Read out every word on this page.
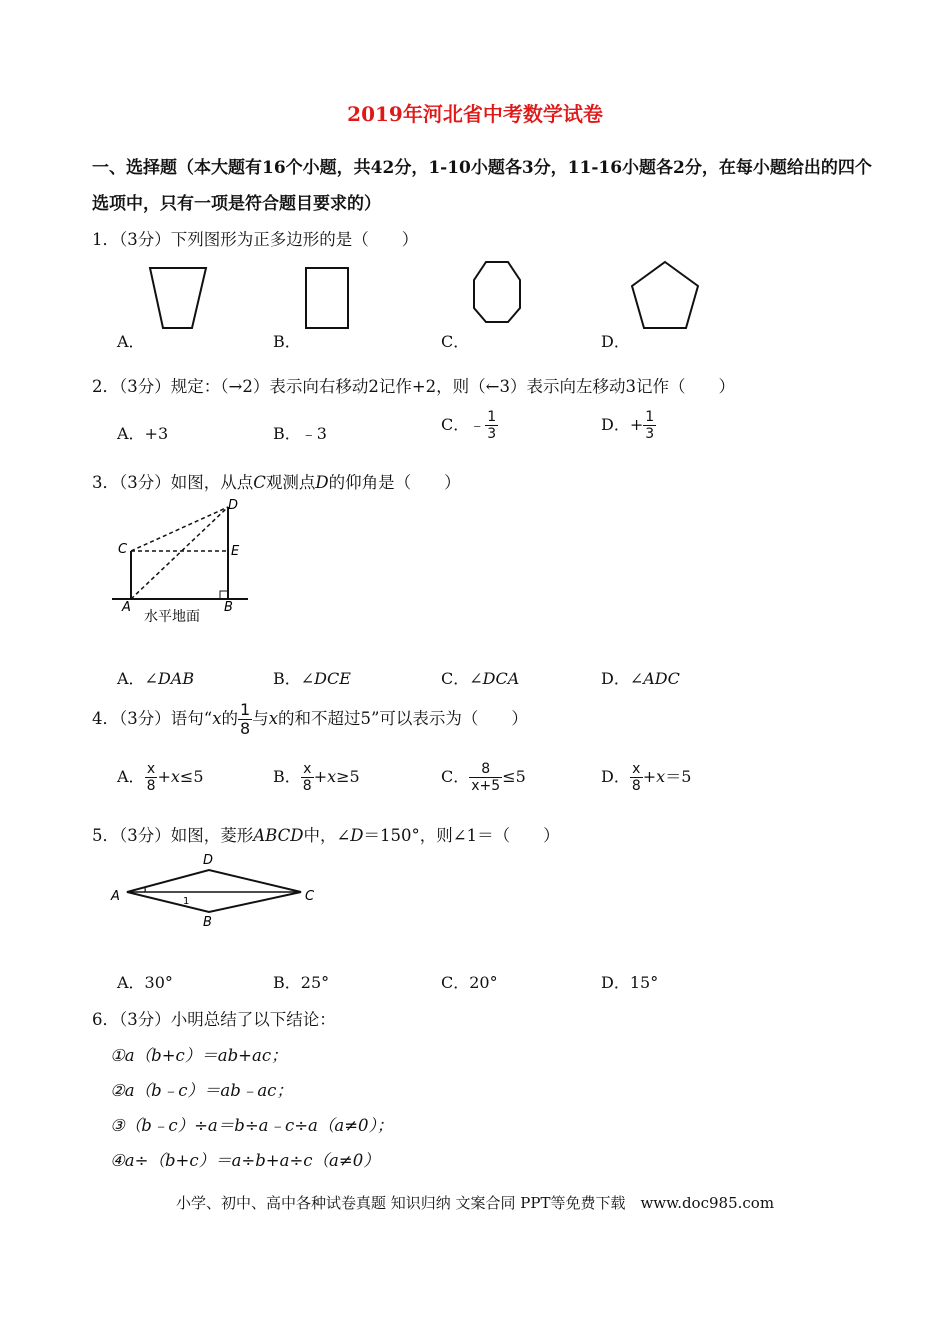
2019年河北省中考数学试卷
一、选择题（本大题有16个小题，共42分，1-10小题各3分，11-16小题各2分，在每小题给出的四个选项中，只有一项是符合题目要求的）
1．（3分）下列图形为正多边形的是（　　）
A．	B．	C．	D．
2．（3分）规定：（→2）表示向右移动2记作+2，则（←3）表示向左移动3记作（　　）
A．+3	B．﹣3	C．﹣ $\frac{1}{3}$	D．+ $\frac{1}{3}$
3．（3分）如图，从点C观测点D的仰角是（　　）
C
D
E
A	B
水平地面
A．∠DAB	B．∠DCE	C．∠DCA	D．∠ADC
4．（3分）语句“x的 $\frac{1}{8}$ 与x的和不超过5”可以表示为（　　）
A． $\frac{x}{8} +x\le 5$	B． $\frac{x}{8} +x\ge 5$	C． $\frac{8}{x+5} \le 5$	D． $\frac{x}{8} +x=5$
5．（3分）如图，菱形ABCD中，∠D＝150°，则∠1＝（　　）
A
D
C
B
1
A．30°	B．25°	C．20°	D．15°
6．（3分）小明总结了以下结论：
①a（b+c）＝ab+ac；
②a（b﹣c）＝ab﹣ac；
③（b﹣c）÷a＝b÷a﹣c÷a（a≠0）；
④a÷（b+c）＝a÷b+a÷c（a≠0）
小学、初中、高中各种试卷真题 知识归纳 文案合同 PPT等免费下载　www.doc985.com
